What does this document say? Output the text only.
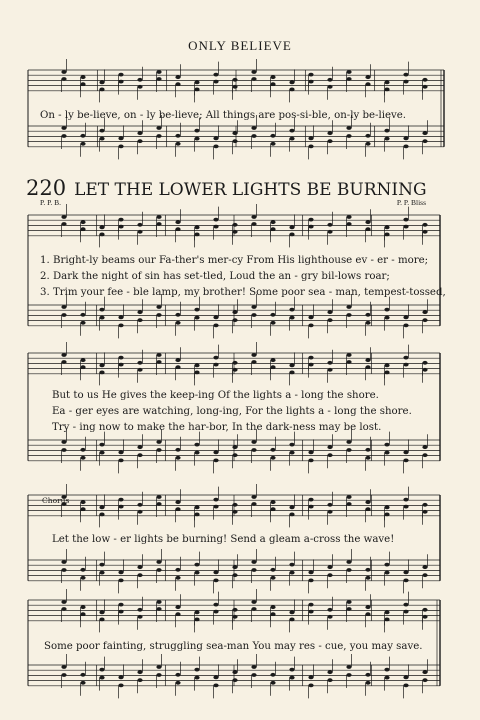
ONLY BELIEVE
On - ly be-lieve, on - ly be-lieve; All things are pos-si-ble, on-ly be-lieve.
220 LET THE LOWER LIGHTS BE BURNING
P. P. B.	P. P. Bliss
1. Bright-ly beams our Fa-ther's mer-cy From His lighthouse ev - er - more;
2. Dark the night of sin has set-tled, Loud the an - gry bil-lows roar;
3. Trim your fee - ble lamp, my brother! Some poor sea - man, tempest-tossed,
But to us He gives the keep-ing Of the lights a - long the shore.
Ea - ger eyes are watching, long-ing, For the lights a - long the shore.
Try - ing now to make the har-bor, In the dark-ness may be lost.
Chorus
Let the low - er lights be burning! Send a gleam a-cross the wave!
Some poor fainting, struggling sea-man You may res - cue, you may save.
